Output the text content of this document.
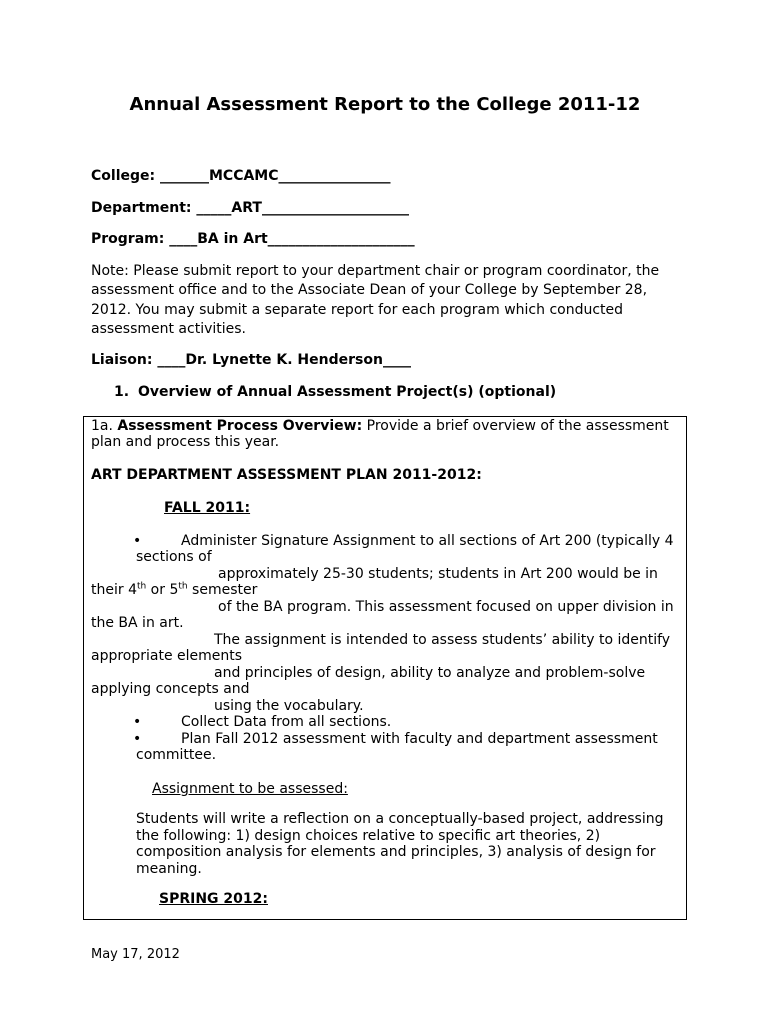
Annual Assessment Report to the College 2011-12
College: _______MCCAMC________________
Department: _____ART_____________________
Program: ____BA in Art_____________________
Note: Please submit report to your department chair or program coordinator, the assessment office and to the Associate Dean of your College by September 28, 2012. You may submit a separate report for each program which conducted assessment activities.
Liaison: ____Dr. Lynette K. Henderson____
1. Overview of Annual Assessment Project(s) (optional)
1a. Assessment Process Overview: Provide a brief overview of the assessment
plan and process this year.
ART DEPARTMENT ASSESSMENT PLAN 2011-2012:
FALL 2011:
•	Administer Signature Assignment to all sections of Art 200 (typically 4
sections of
approximately 25-30 students; students in Art 200 would be in
their 4th or 5th semester
of the BA program. This assessment focused on upper division in
the BA in art.
The assignment is intended to assess students’ ability to identify
appropriate elements
and principles of design, ability to analyze and problem-solve
applying concepts and
using the vocabulary.
•	Collect Data from all sections.
•	Plan Fall 2012 assessment with faculty and department assessment
committee.
Assignment to be assessed:
Students will write a reflection on a conceptually-based project, addressing
the following: 1) design choices relative to specific art theories, 2)
composition analysis for elements and principles, 3) analysis of design for
meaning.
SPRING 2012:
May 17, 2012
